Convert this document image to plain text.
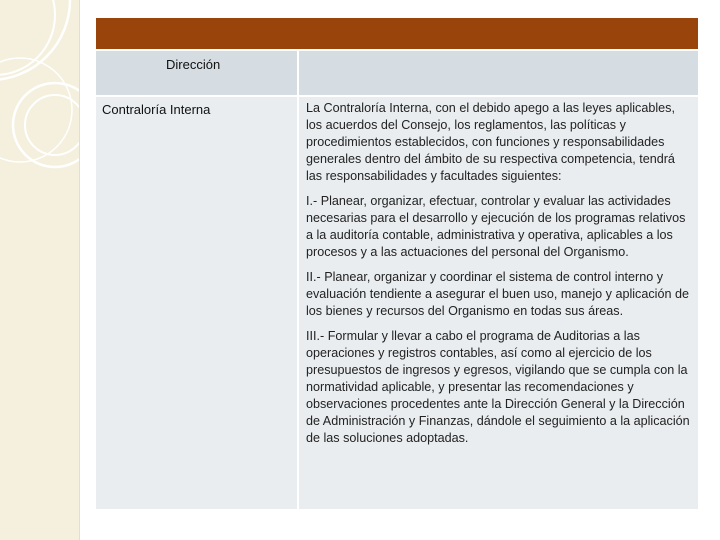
Dirección
Contraloría Interna	La Contraloría Interna, con el debido apego a las leyes aplicables, los acuerdos del Consejo, los reglamentos, las políticas y procedimientos establecidos, con funciones y responsabilidades generales dentro del ámbito de su respectiva competencia, tendrá las responsabilidades y facultades siguientes:

I.- Planear, organizar, efectuar, controlar y evaluar las actividades necesarias para el desarrollo y ejecución de los programas relativos a la auditoría contable, administrativa y operativa, aplicables a los procesos y a las actuaciones del personal del Organismo.

II.- Planear, organizar y coordinar el sistema de control interno y evaluación tendiente a asegurar el buen uso, manejo y aplicación de los bienes y recursos del Organismo en todas sus áreas.

III.- Formular y llevar a cabo el programa de Auditorias a las operaciones y registros contables, así como al ejercicio de los presupuestos de ingresos y egresos, vigilando que se cumpla con la normatividad aplicable, y presentar las recomendaciones y observaciones procedentes ante la Dirección General y la Dirección de Administración y Finanzas, dándole el seguimiento a la aplicación de las soluciones adoptadas.
